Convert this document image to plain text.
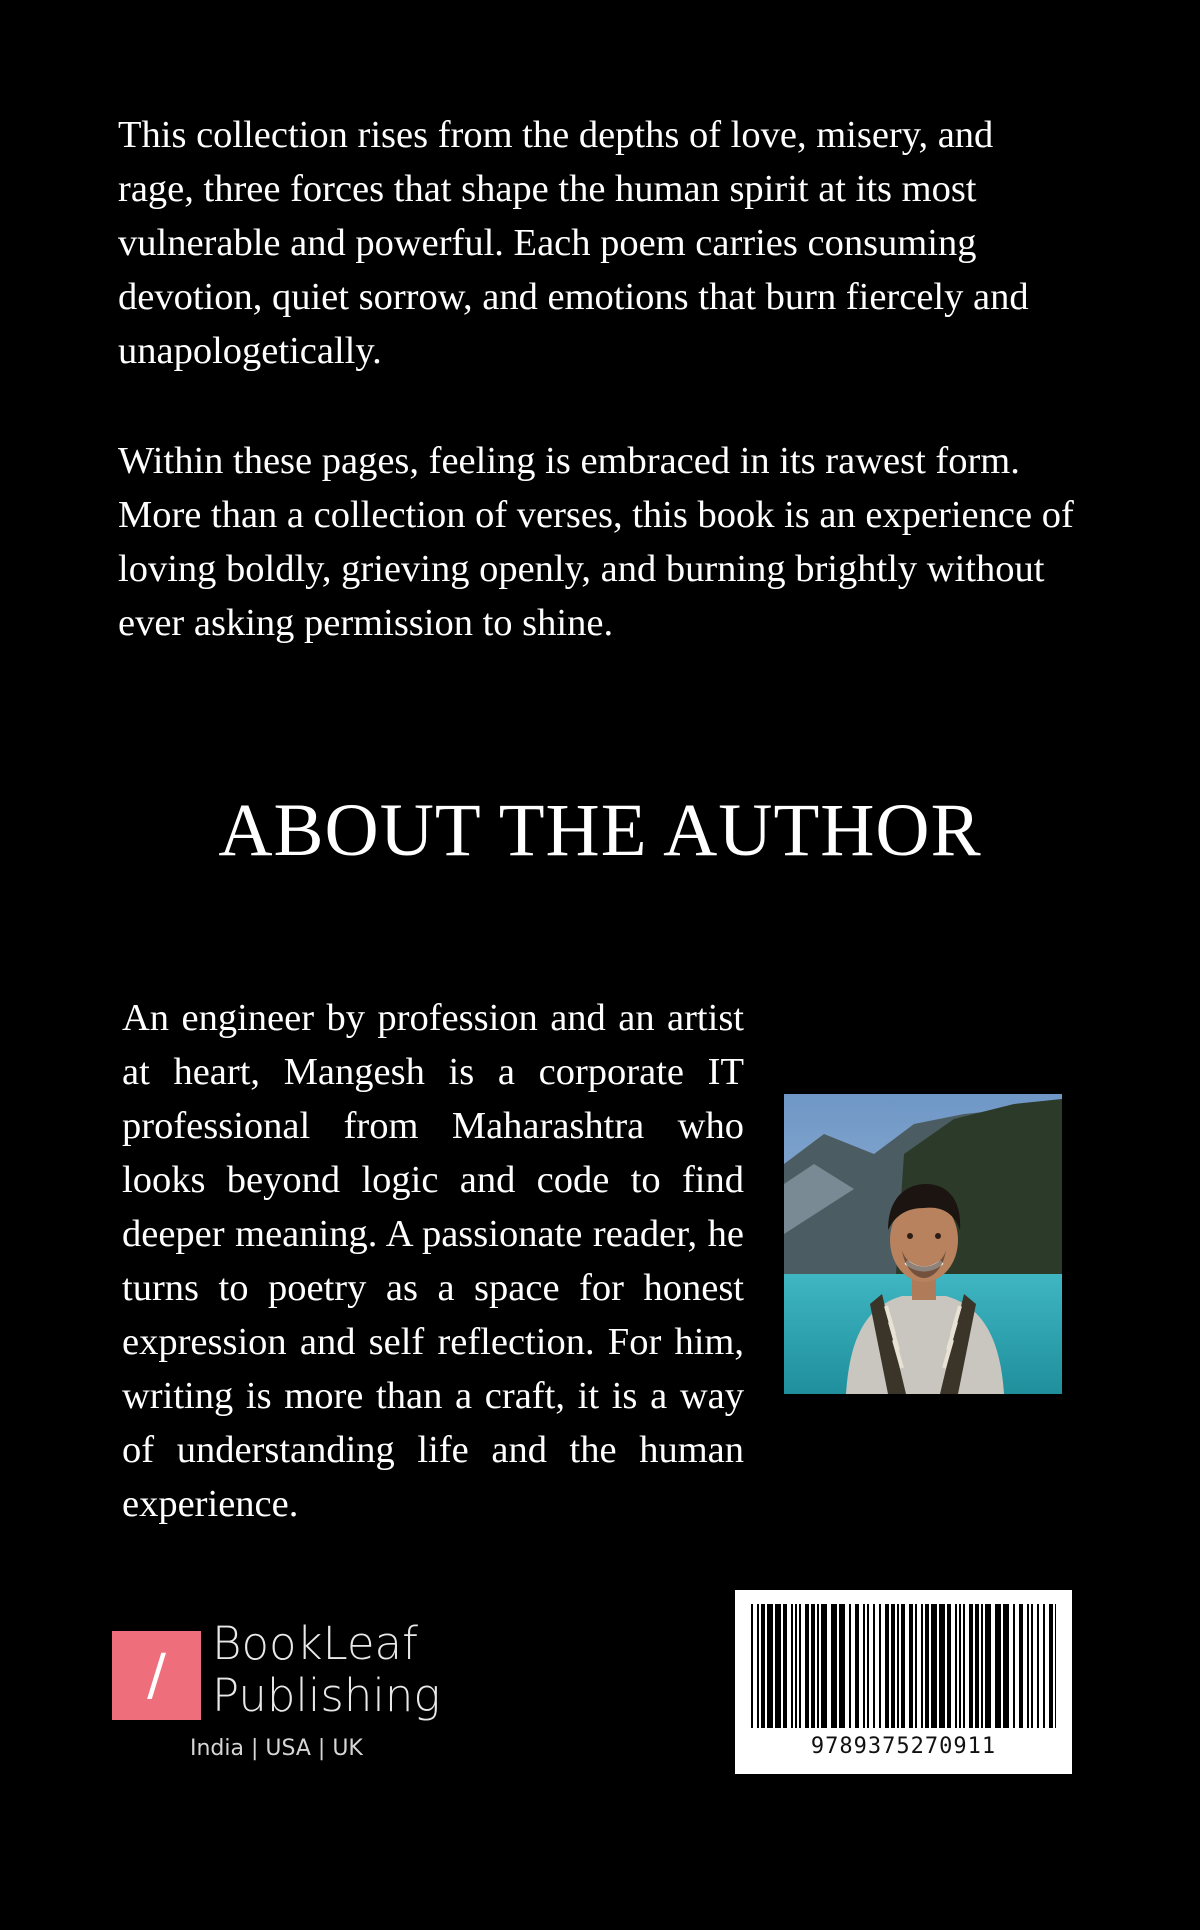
This collection rises from the depths of love, misery, and rage, three forces that shape the human spirit at its most vulnerable and powerful. Each poem carries consuming devotion, quiet sorrow, and emotions that burn fiercely and unapologetically.

Within these pages, feeling is embraced in its rawest form. More than a collection of verses, this book is an experience of loving boldly, grieving openly, and burning brightly without ever asking permission to shine.

ABOUT THE AUTHOR

An engineer by profession and an artist at heart, Mangesh is a corporate IT professional from Maharashtra who looks beyond logic and code to find deeper meaning. A passionate reader, he turns to poetry as a space for honest expression and self reflection. For him, writing is more than a craft, it is a way of understanding life and the human experience.

/	BookLeaf
Publishing
India | USA | UK	9789375270911
